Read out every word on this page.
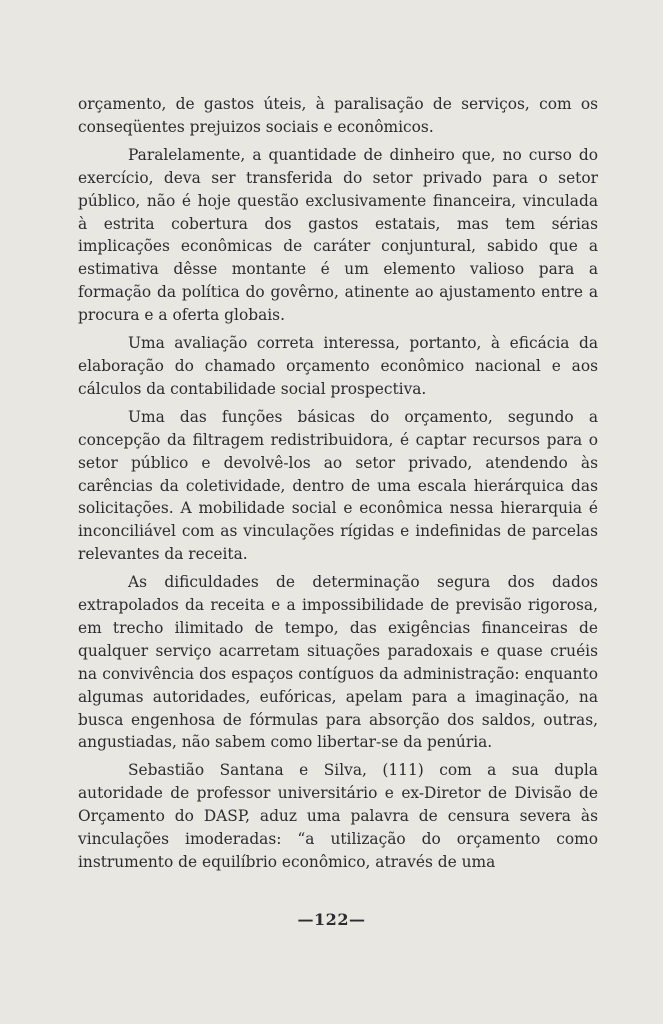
orçamento, de gastos úteis, à paralisação de serviços, com os conseqüentes prejuizos sociais e econômicos.

Paralelamente, a quantidade de dinheiro que, no curso do exercício, deva ser transferida do setor privado para o setor público, não é hoje questão exclusivamente financeira, vinculada à estrita cobertura dos gastos estatais, mas tem sérias implicações econômicas de caráter conjuntural, sabido que a estimativa dêsse montante é um elemento valioso para a formação da política do govêrno, atinente ao ajustamento entre a procura e a oferta globais.

Uma avaliação correta interessa, portanto, à eficácia da elaboração do chamado orçamento econômico nacional e aos cálculos da contabilidade social prospectiva.

Uma das funções básicas do orçamento, segundo a concepção da filtragem redistribuidora, é captar recursos para o setor público e devolvê-los ao setor privado, atendendo às carências da coletividade, dentro de uma escala hierárquica das solicitações. A mobilidade social e econômica nessa hierarquia é inconciliável com as vinculações rígidas e indefinidas de parcelas relevantes da receita.

As dificuldades de determinação segura dos dados extrapolados da receita e a impossibilidade de previsão rigorosa, em trecho ilimitado de tempo, das exigências financeiras de qualquer serviço acarretam situações paradoxais e quase cruéis na convivência dos espaços contíguos da administração: enquanto algumas autoridades, eufóricas, apelam para a imaginação, na busca engenhosa de fórmulas para absorção dos saldos, outras, angustiadas, não sabem como libertar-se da penúria.

Sebastião Santana e Silva, (111) com a sua dupla autoridade de professor universitário e ex-Diretor de Divisão de Orçamento do DASP, aduz uma palavra de censura severa às vinculações imoderadas: “a utilização do orçamento como instrumento de equilíbrio econômico, através de uma

—122—
